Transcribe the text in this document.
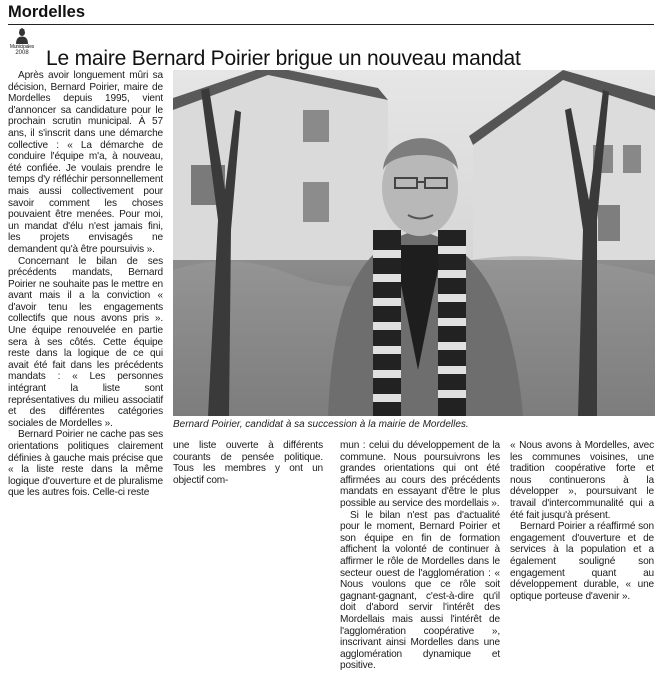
Mordelles
Municipales
2008 Le maire Bernard Poirier brigue un nouveau mandat

Après avoir longuement mûri sa décision, Bernard Poirier, maire de Mordelles depuis 1995, vient d'annoncer sa candidature pour le prochain scrutin municipal. À 57 ans, il s'inscrit dans une démarche collective : « La démarche de conduire l'équipe m'a, à nouveau, été confiée. Je voulais prendre le temps d'y réfléchir personnellement mais aussi collectivement pour savoir comment les choses pouvaient être menées. Pour moi, un mandat d'élu n'est jamais fini, les projets envisagés ne demandent qu'à être poursuivis ».

Concernant le bilan de ses précédents mandats, Bernard Poirier ne souhaite pas le mettre en avant mais il a la conviction « d'avoir tenu les engagements collectifs que nous avons pris ». Une équipe renouvelée en partie sera à ses côtés. Cette équipe reste dans la logique de ce qui avait été fait dans les précédents mandats : « Les personnes intégrant la liste sont représentatives du milieu associatif et des différentes catégories sociales de Mordelles ».

Bernard Poirier ne cache pas ses orientations politiques clairement définies à gauche mais précise que « la liste reste dans la même logique d'ouverture et de pluralisme que les autres fois. Celle-ci reste

Bernard Poirier, candidat à sa succession à la mairie de Mordelles.

une liste ouverte à différents courants de pensée politique. Tous les membres y ont un objectif com-

mun : celui du développement de la commune. Nous poursuivrons les grandes orientations qui ont été affirmées au cours des précédents mandats en essayant d'être le plus possible au service des mordellais ».

Si le bilan n'est pas d'actualité pour le moment, Bernard Poirier et son équipe en fin de formation affichent la volonté de continuer à affirmer le rôle de Mordelles dans le secteur ouest de l'agglomération : « Nous voulons que ce rôle soit gagnant-gagnant, c'est-à-dire qu'il doit d'abord servir l'intérêt des Mordellais mais aussi l'intérêt de l'agglomération coopérative », inscrivant ainsi Mordelles dans une agglomération dynamique et positive.

« Nous avons à Mordelles, avec les communes voisines, une tradition coopérative forte et nous continuerons à la développer », poursuivant le travail d'intercommunalité qui a été fait jusqu'à présent.

Bernard Poirier a réaffirmé son engagement d'ouverture et de services à la population et a également souligné son engagement quant au développement durable, « une optique porteuse d'avenir ».
